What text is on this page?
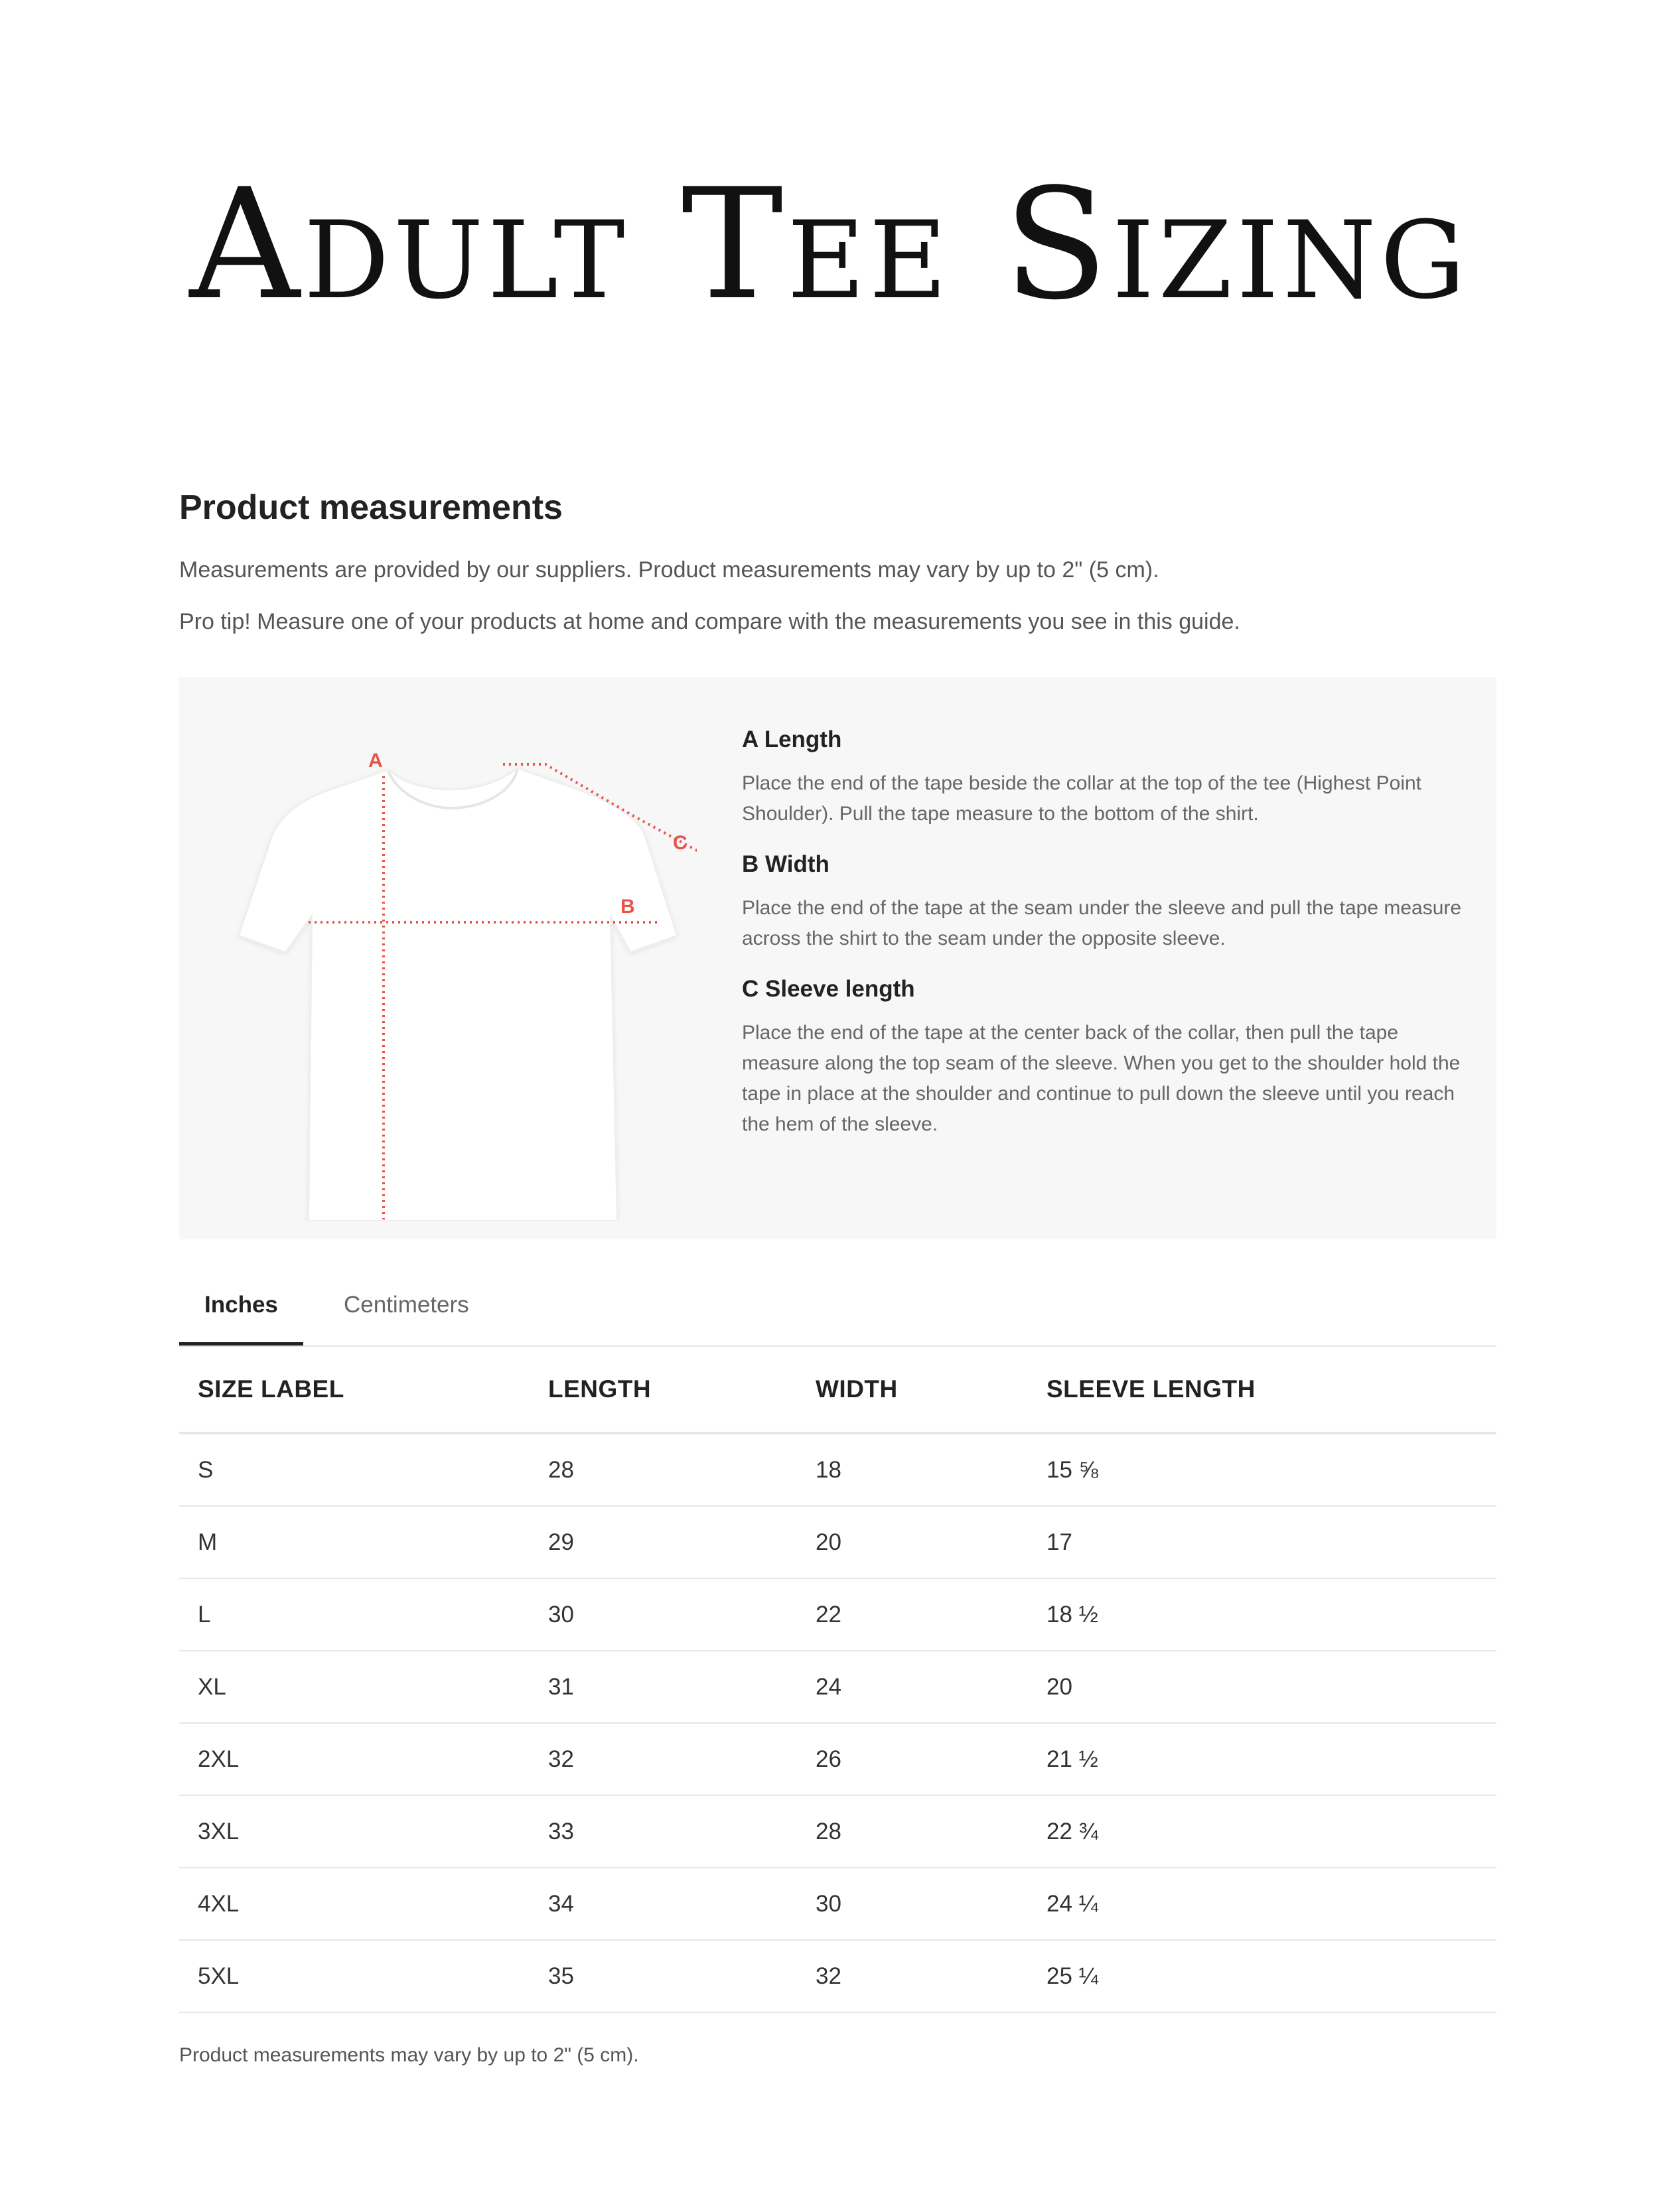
Adult Tee Sizing
Product measurements

Measurements are provided by our suppliers. Product measurements may vary by up to 2" (5 cm).

Pro tip! Measure one of your products at home and compare with the measurements you see in this guide.

A
B
C
A Length

Place the end of the tape beside the collar at the top of the tee (Highest Point Shoulder). Pull the tape measure to the bottom of the shirt.

B Width

Place the end of the tape at the seam under the sleeve and pull the tape measure across the shirt to the seam under the opposite sleeve.

C Sleeve length

Place the end of the tape at the center back of the collar, then pull the tape measure along the top seam of the sleeve. When you get to the shoulder hold the tape in place at the shoulder and continue to pull down the sleeve until you reach the hem of the sleeve.

Inches	Centimeters
SIZE LABEL	LENGTH	WIDTH	SLEEVE LENGTH
S	28	18	15 ⅝
M	29	20	17
L	30	22	18 ½
XL	31	24	20
2XL	32	26	21 ½
3XL	33	28	22 ¾
4XL	34	30	24 ¼
5XL	35	32	25 ¼
Product measurements may vary by up to 2" (5 cm).
